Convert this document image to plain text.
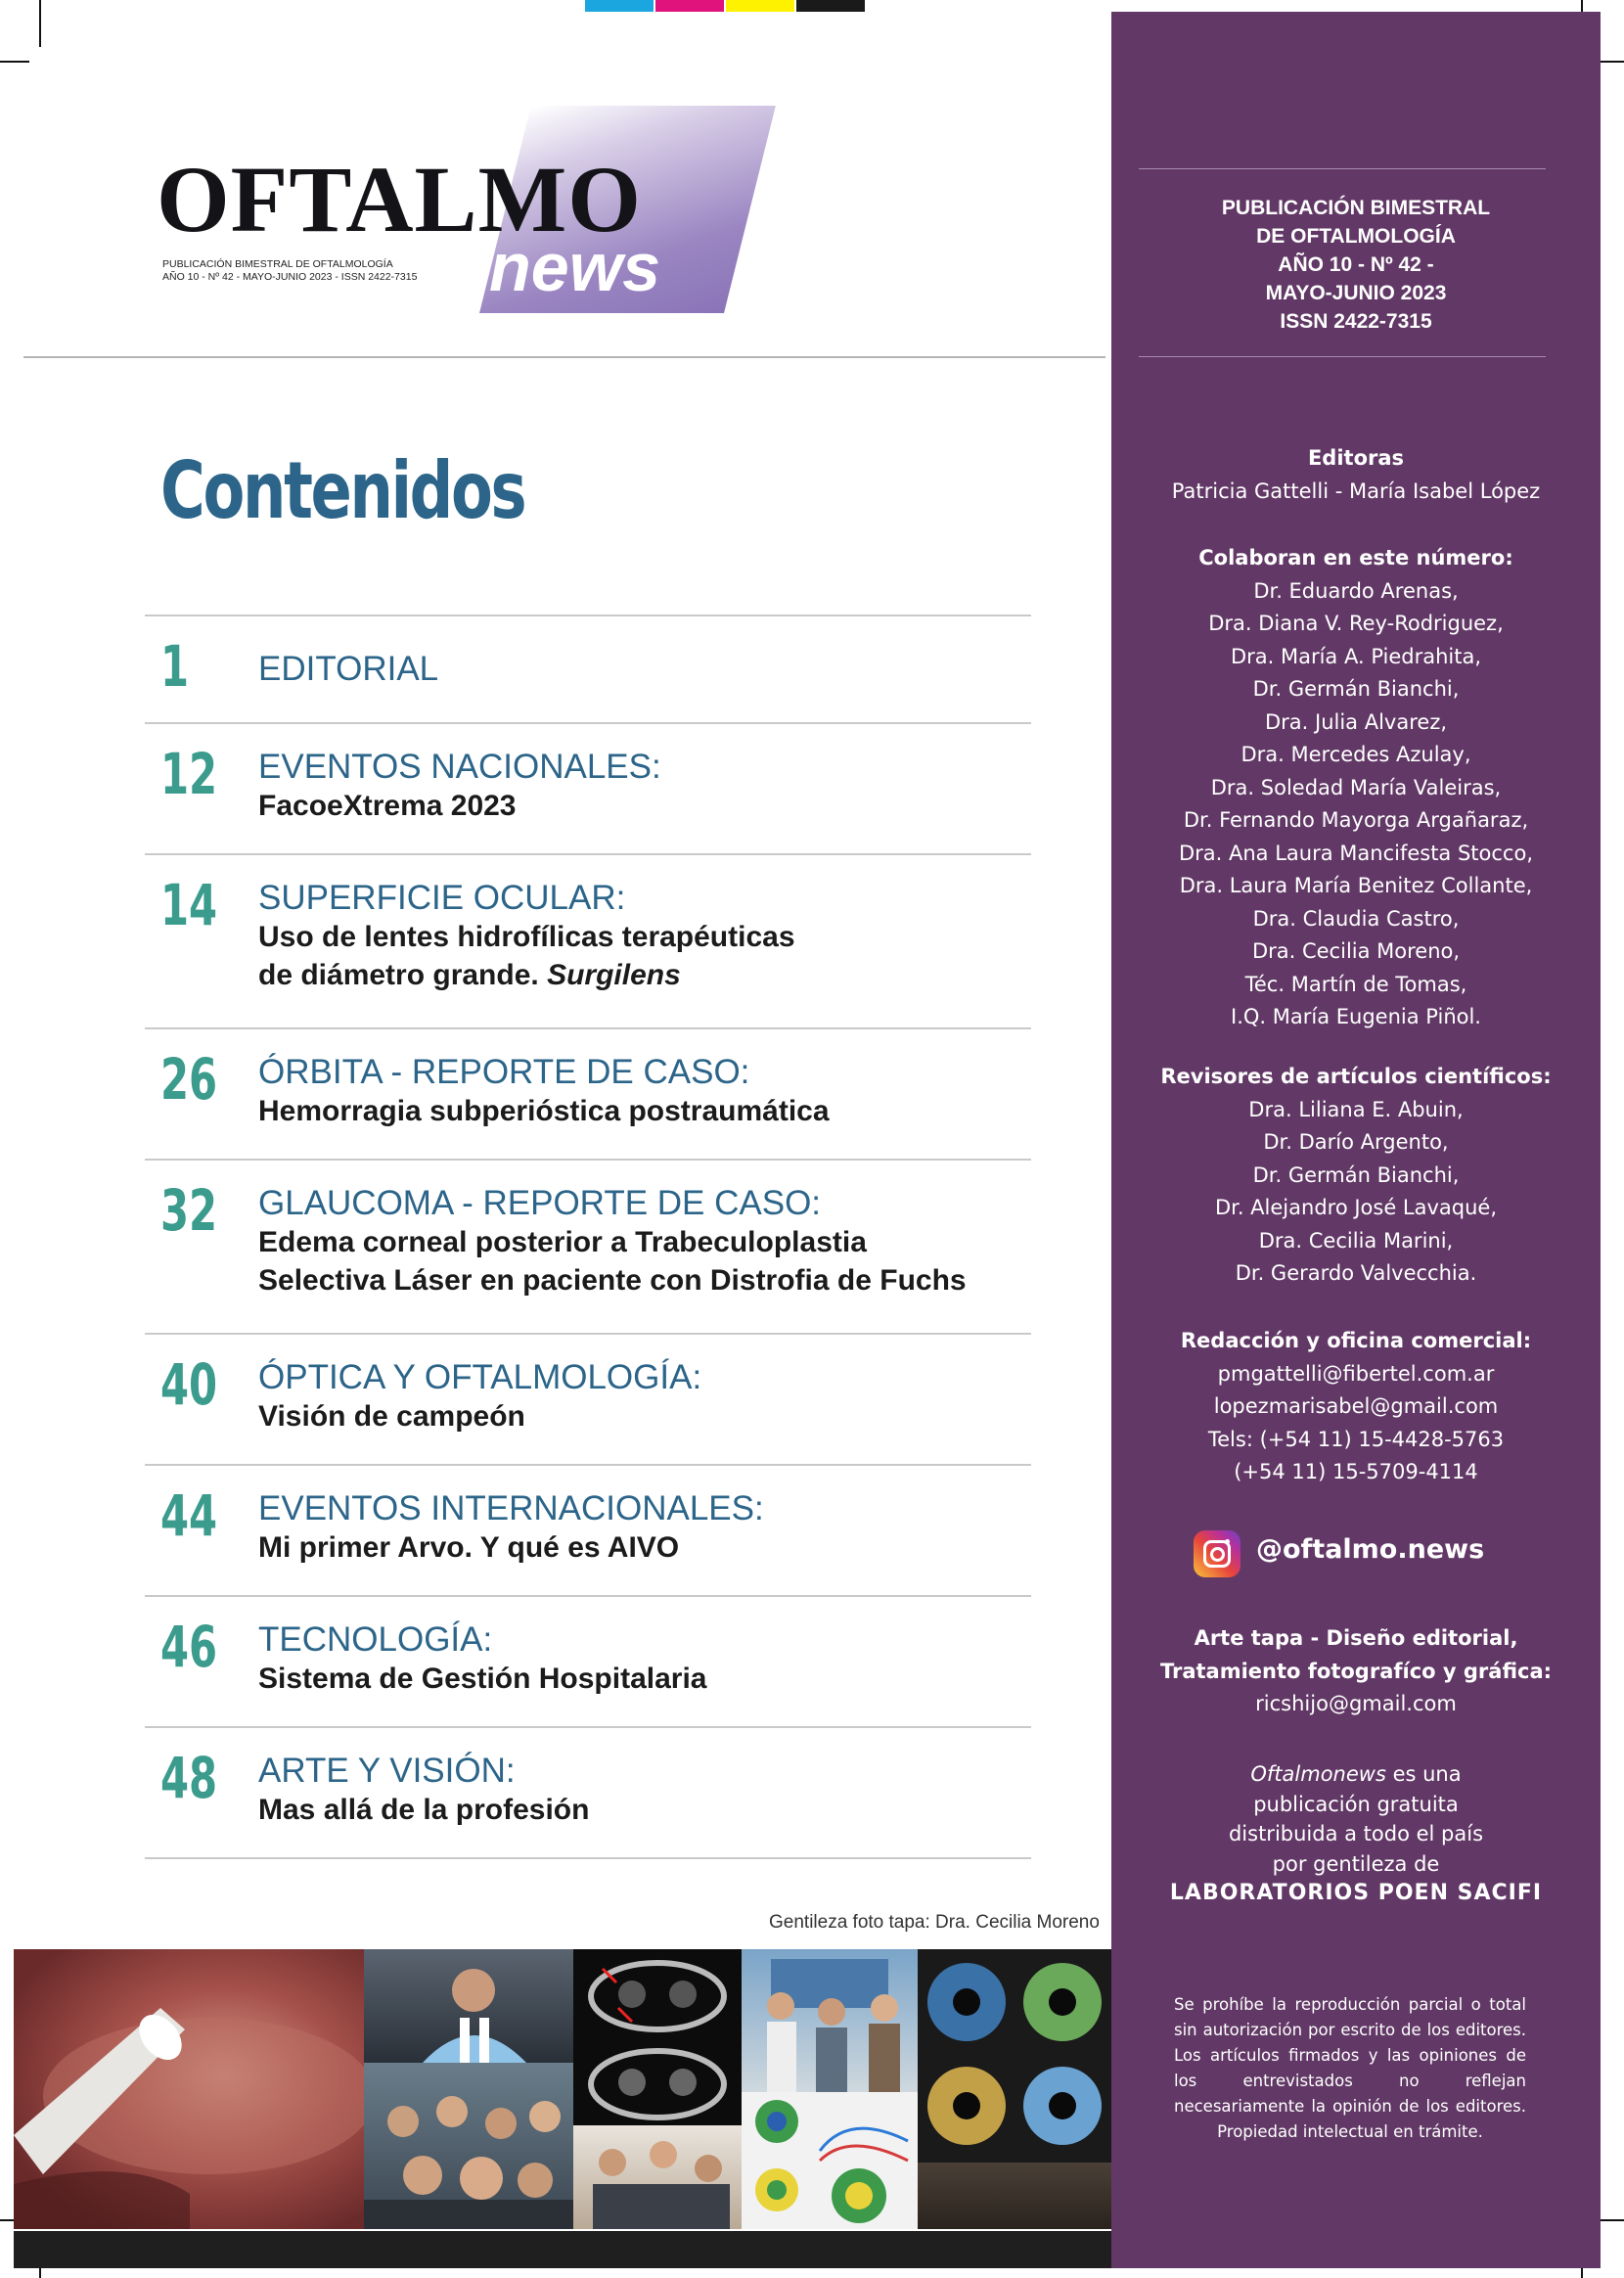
OFTALMO
news
PUBLICACIÓN BIMESTRAL DE OFTALMOLOGÍA
AÑO 10 - Nº 42 - MAYO-JUNIO 2023 - ISSN 2422-7315
Contenidos
1 EDITORIAL
12 EVENTOS NACIONALES:
FacoeXtrema 2023
14 SUPERFICIE OCULAR:
Uso de lentes hidrofílicas terapéuticas
de diámetro grande. Surgilens
26 ÓRBITA - REPORTE DE CASO:
Hemorragia subperióstica postraumática
32 GLAUCOMA - REPORTE DE CASO:
Edema corneal posterior a Trabeculoplastia
Selectiva Láser en paciente con Distrofia de Fuchs
40 ÓPTICA Y OFTALMOLOGÍA:
Visión de campeón
44 EVENTOS INTERNACIONALES:
Mi primer Arvo. Y qué es AIVO
46 TECNOLOGÍA:
Sistema de Gestión Hospitalaria
48 ARTE Y VISIÓN:
Mas allá de la profesión
Gentileza foto tapa: Dra. Cecilia Moreno
PUBLICACIÓN BIMESTRAL
DE OFTALMOLOGÍA
AÑO 10 - Nº 42 -
MAYO-JUNIO 2023
ISSN 2422-7315
Editoras
Patricia Gattelli - María Isabel López
Colaboran en este número:
Dr. Eduardo Arenas,
Dra. Diana V. Rey-Rodriguez,
Dra. María A. Piedrahita,
Dr. Germán Bianchi,
Dra. Julia Alvarez,
Dra. Mercedes Azulay,
Dra. Soledad María Valeiras,
Dr. Fernando Mayorga Argañaraz,
Dra. Ana Laura Mancifesta Stocco,
Dra. Laura María Benitez Collante,
Dra. Claudia Castro,
Dra. Cecilia Moreno,
Téc. Martín de Tomas,
I.Q. María Eugenia Piñol.
Revisores de artículos científicos:
Dra. Liliana E. Abuin,
Dr. Darío Argento,
Dr. Germán Bianchi,
Dr. Alejandro José Lavaqué,
Dra. Cecilia Marini,
Dr. Gerardo Valvecchia.
Redacción y oficina comercial:
pmgattelli@fibertel.com.ar
lopezmarisabel@gmail.com
Tels: (+54 11) 15-4428-5763
(+54 11) 15-5709-4114
@oftalmo.news
Arte tapa - Diseño editorial,
Tratamiento fotografíco y gráfica:
ricshijo@gmail.com
Oftalmonews es una
publicación gratuita
distribuida a todo el país
por gentileza de
LABORATORIOS POEN SACIFI
Se prohíbe la reproducción parcial o total sin autorización por escrito de los editores. Los artículos firmados y las opiniones de los entrevistados no reflejan necesariamente la opinión de los editores. Propiedad intelectual en trámite.
